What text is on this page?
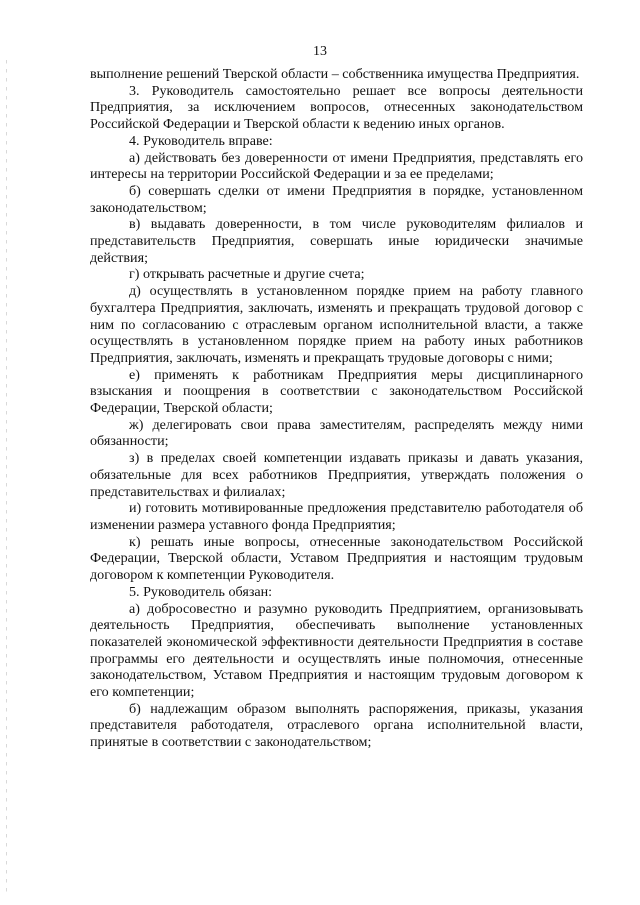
13

выполнение решений Тверской области – собственника имущества Предприятия.

3. Руководитель самостоятельно решает все вопросы деятельности Предприятия, за исключением вопросов, отнесенных законодательством Российской Федерации и Тверской области к ведению иных органов.

4. Руководитель вправе:

а) действовать без доверенности от имени Предприятия, представлять его интересы на территории Российской Федерации и за ее пределами;

б) совершать сделки от имени Предприятия в порядке, установленном законодательством;

в) выдавать доверенности, в том числе руководителям филиалов и представительств Предприятия, совершать иные юридически значимые действия;

г) открывать расчетные и другие счета;

д) осуществлять в установленном порядке прием на работу главного бухгалтера Предприятия, заключать, изменять и прекращать трудовой договор с ним по согласованию с отраслевым органом исполнительной власти, а также осуществлять в установленном порядке прием на работу иных работников Предприятия, заключать, изменять и прекращать трудовые договоры с ними;

е) применять к работникам Предприятия меры дисциплинарного взыскания и поощрения в соответствии с законодательством Российской Федерации, Тверской области;

ж) делегировать свои права заместителям, распределять между ними обязанности;

з) в пределах своей компетенции издавать приказы и давать указания, обязательные для всех работников Предприятия, утверждать положения о представительствах и филиалах;

и) готовить мотивированные предложения представителю работодателя об изменении размера уставного фонда Предприятия;

к) решать иные вопросы, отнесенные законодательством Российской Федерации, Тверской области, Уставом Предприятия и настоящим трудовым договором к компетенции Руководителя.

5. Руководитель обязан:

а) добросовестно и разумно руководить Предприятием, организовывать деятельность Предприятия, обеспечивать выполнение установленных показателей экономической эффективности деятельности Предприятия в составе программы его деятельности и осуществлять иные полномочия, отнесенные законодательством, Уставом Предприятия и настоящим трудовым договором к его компетенции;

б) надлежащим образом выполнять распоряжения, приказы, указания представителя работодателя, отраслевого органа исполнительной власти, принятые в соответствии с законодательством;
